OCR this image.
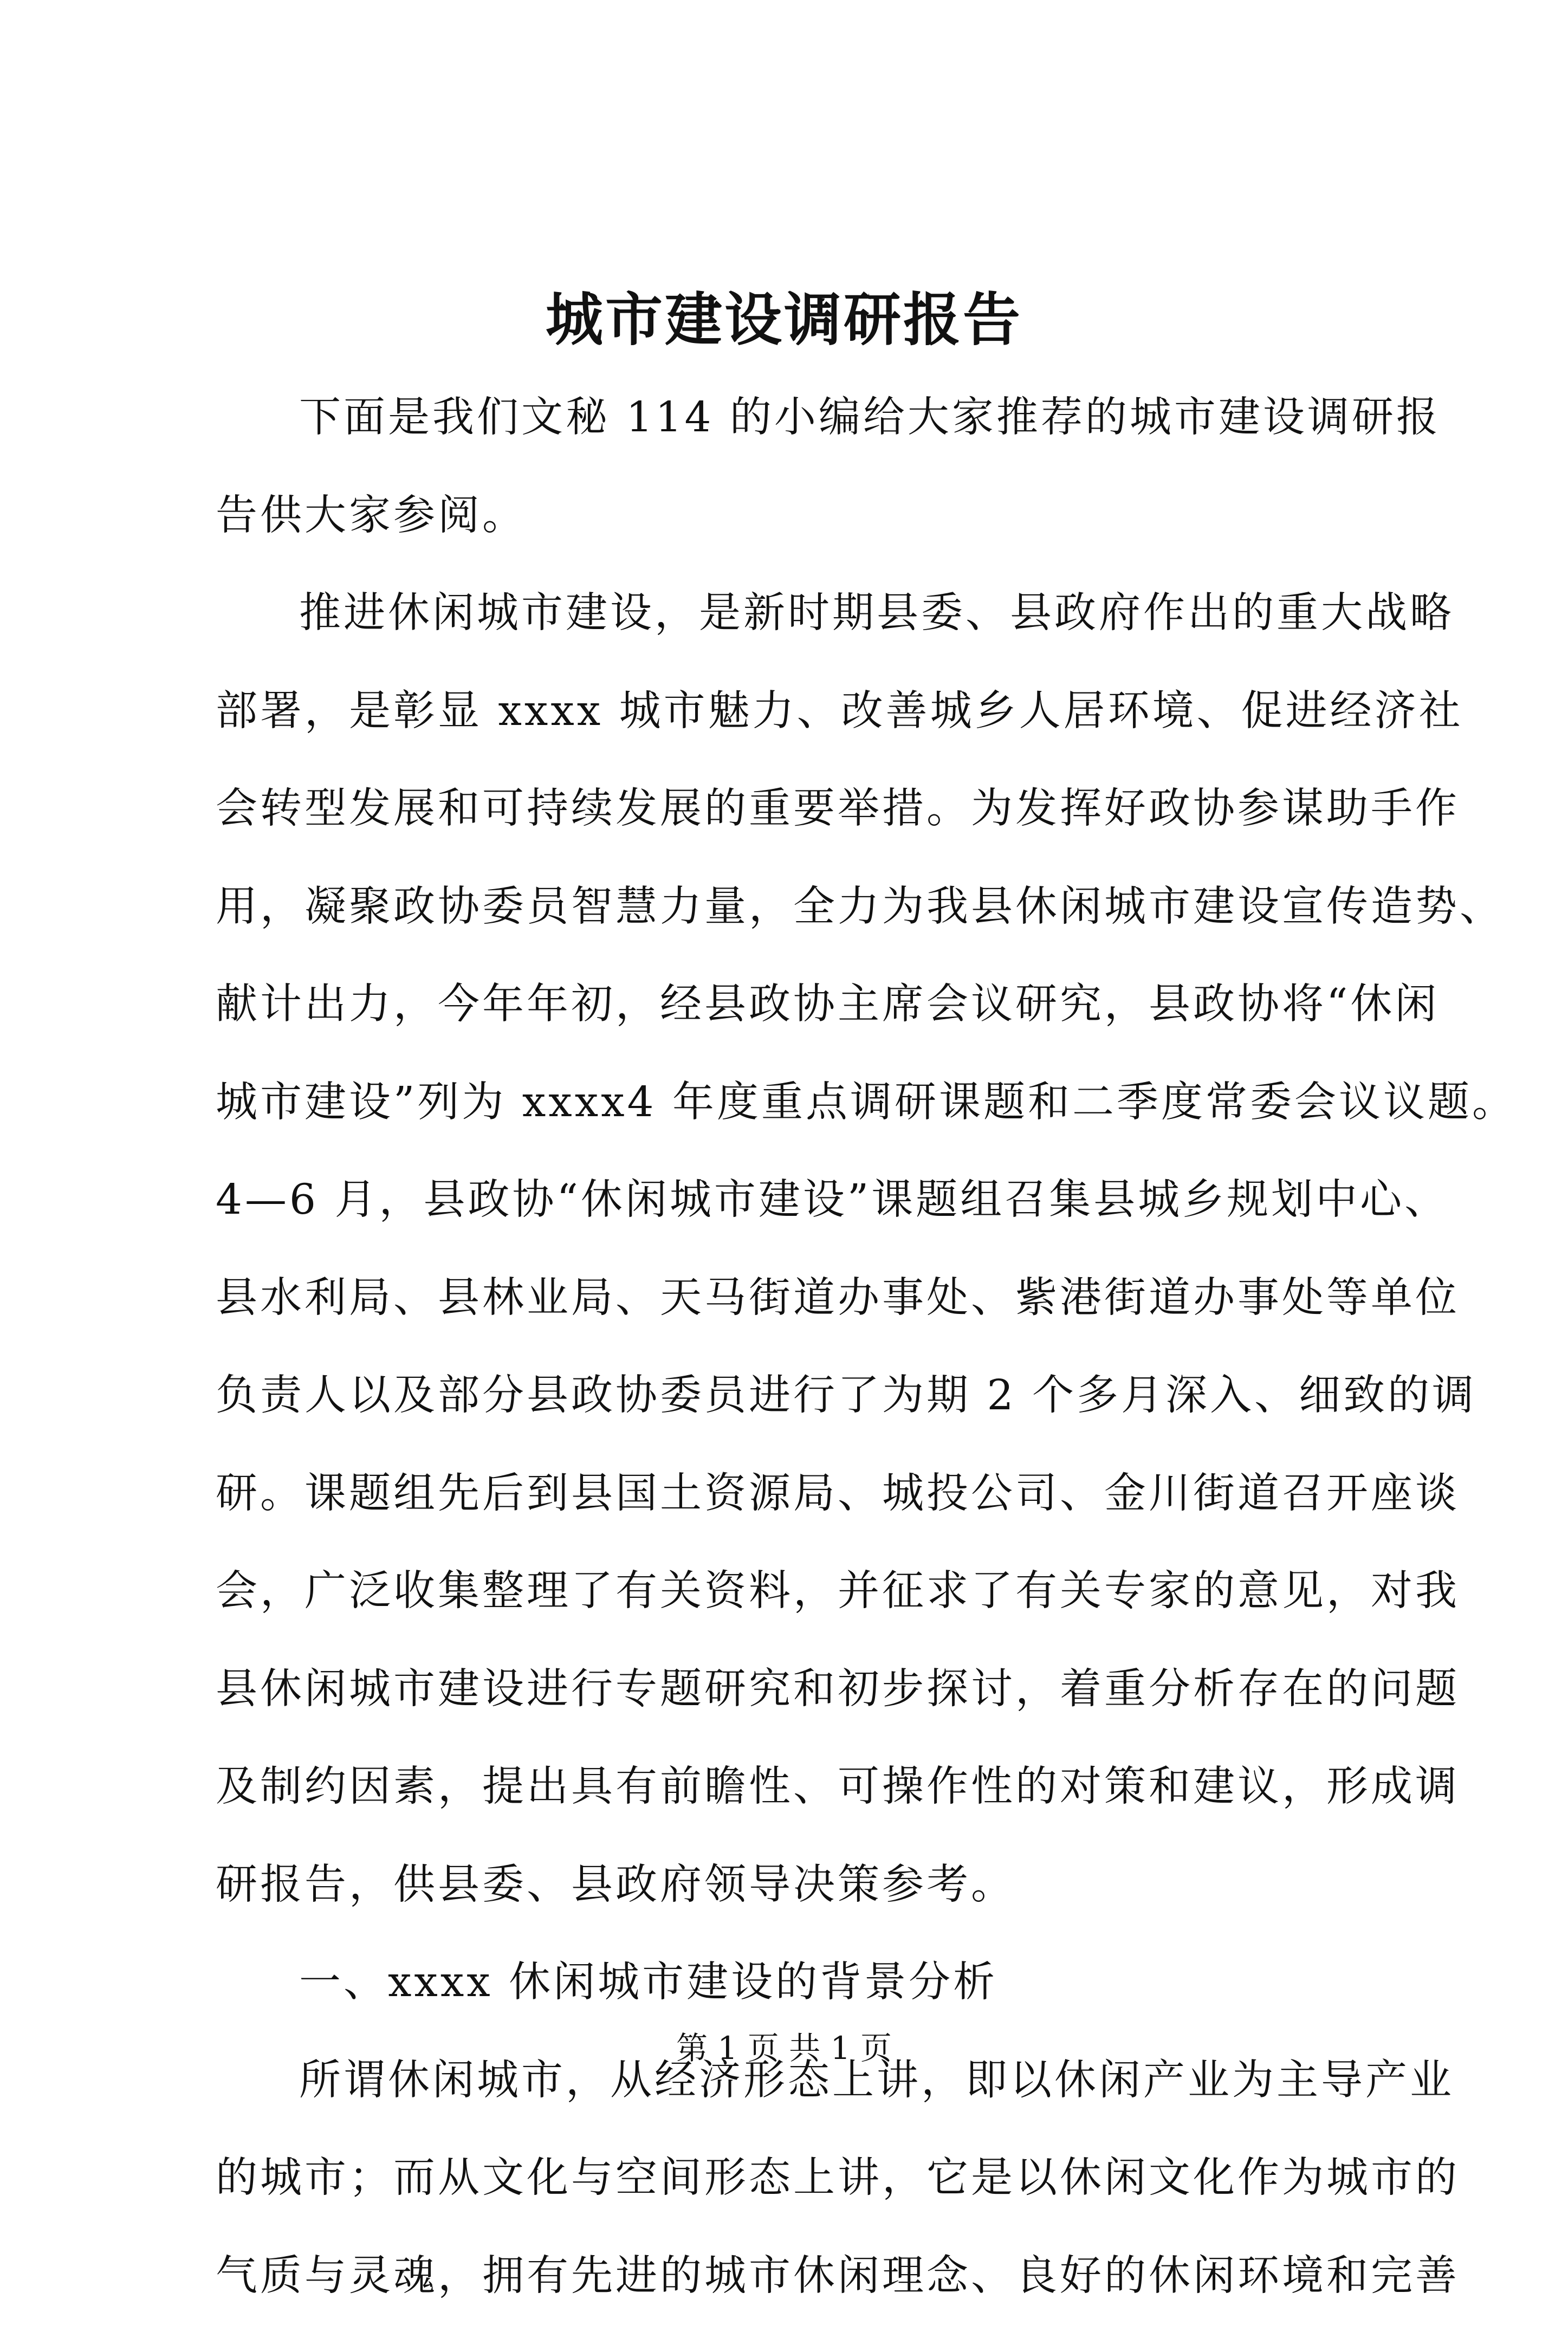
城市建设调研报告
下面是我们文秘 114 的小编给大家推荐的城市建设调研报
告供大家参阅。
推进休闲城市建设，是新时期县委、县政府作出的重大战略
部署，是彰显 xxxx 城市魅力、改善城乡人居环境、促进经济社
会转型发展和可持续发展的重要举措。为发挥好政协参谋助手作
用，凝聚政协委员智慧力量，全力为我县休闲城市建设宣传造势、
献计出力，今年年初，经县政协主席会议研究，县政协将“休闲
城市建设”列为 xxxx4 年度重点调研课题和二季度常委会议议题。
4—6 月，县政协“休闲城市建设”课题组召集县城乡规划中心、
县水利局、县林业局、天马街道办事处、紫港街道办事处等单位
负责人以及部分县政协委员进行了为期 2 个多月深入、细致的调
研。课题组先后到县国土资源局、城投公司、金川街道召开座谈
会，广泛收集整理了有关资料，并征求了有关专家的意见，对我
县休闲城市建设进行专题研究和初步探讨，着重分析存在的问题
及制约因素，提出具有前瞻性、可操作性的对策和建议，形成调
研报告，供县委、县政府领导决策参考。
一、xxxx 休闲城市建设的背景分析
所谓休闲城市，从经济形态上讲，即以休闲产业为主导产业
的城市；而从文化与空间形态上讲，它是以休闲文化作为城市的
气质与灵魂，拥有先进的城市休闲理念、良好的休闲环境和完善
第 1 页 共 1 页
